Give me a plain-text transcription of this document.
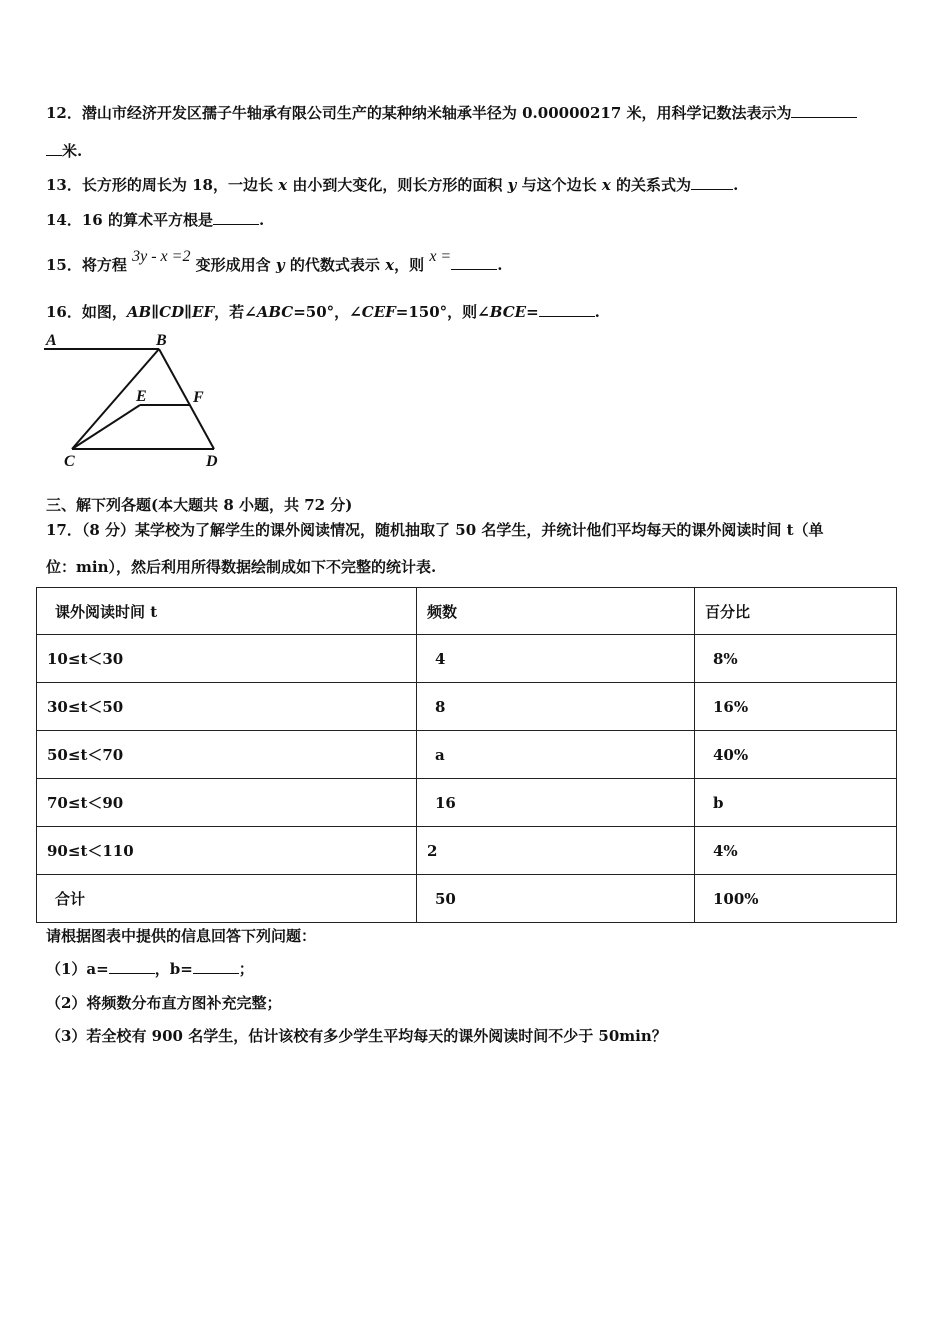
12．潜山市经济开发区孺子牛轴承有限公司生产的某种纳米轴承半径为 0.00000217 米，用科学记数法表示为
米.
13．长方形的周长为 18，一边长 x 由小到大变化，则长方形的面积 y 与这个边长 x 的关系式为	.
14．16 的算术平方根是	.
15．将方程 3y - x =2 变形成用含 y 的代数式表示 x，则 x =	.
16．如图，AB∥CD∥EF，若∠ABC=50°，∠CEF=150°，则∠BCE=	.
A	B
E	F
C	D
三、解下列各题(本大题共 8 小题，共 72 分)
17．（8 分）某学校为了解学生的课外阅读情况，随机抽取了 50 名学生，并统计他们平均每天的课外阅读时间 t（单
位：min），然后利用所得数据绘制成如下不完整的统计表.
课外阅读时间 t	频数	百分比
10≤t＜30	4	8%
30≤t＜50	8	16%
50≤t＜70	a	40%
70≤t＜90	16	b
90≤t＜110	2	4%
合计	50	100%
请根据图表中提供的信息回答下列问题：
（1）a=	，b=	；
（2）将频数分布直方图补充完整；
（3）若全校有 900 名学生，估计该校有多少学生平均每天的课外阅读时间不少于 50min？
